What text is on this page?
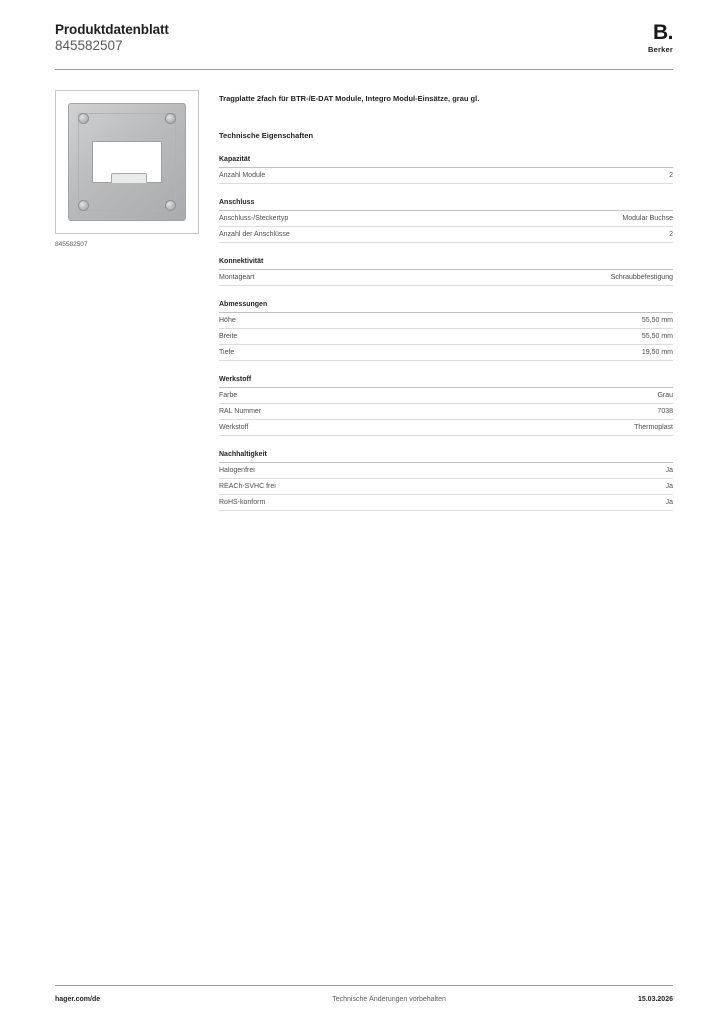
Produktdatenblatt
845582507
B.
Berker
845582507
Tragplatte 2fach für BTR-/E-DAT Module, Integro Modul-Einsätze, grau gl.
Technische Eigenschaften
Kapazität
Anzahl Module	2
Anschluss
Anschluss-/Steckertyp	Modular Buchse
Anzahl der Anschlüsse	2
Konnektivität
Montageart	Schraubbefestigung
Abmessungen
Höhe	55,50 mm
Breite	55,50 mm
Tiefe	19,50 mm
Werkstoff
Farbe	Grau
RAL Nummer	7038
Werkstoff	Thermoplast
Nachhaltigkeit
Halogenfrei	Ja
REACh-SVHC frei	Ja
RoHS-konform	Ja
hager.com/de	Technische Änderungen vorbehalten	15.03.2026
